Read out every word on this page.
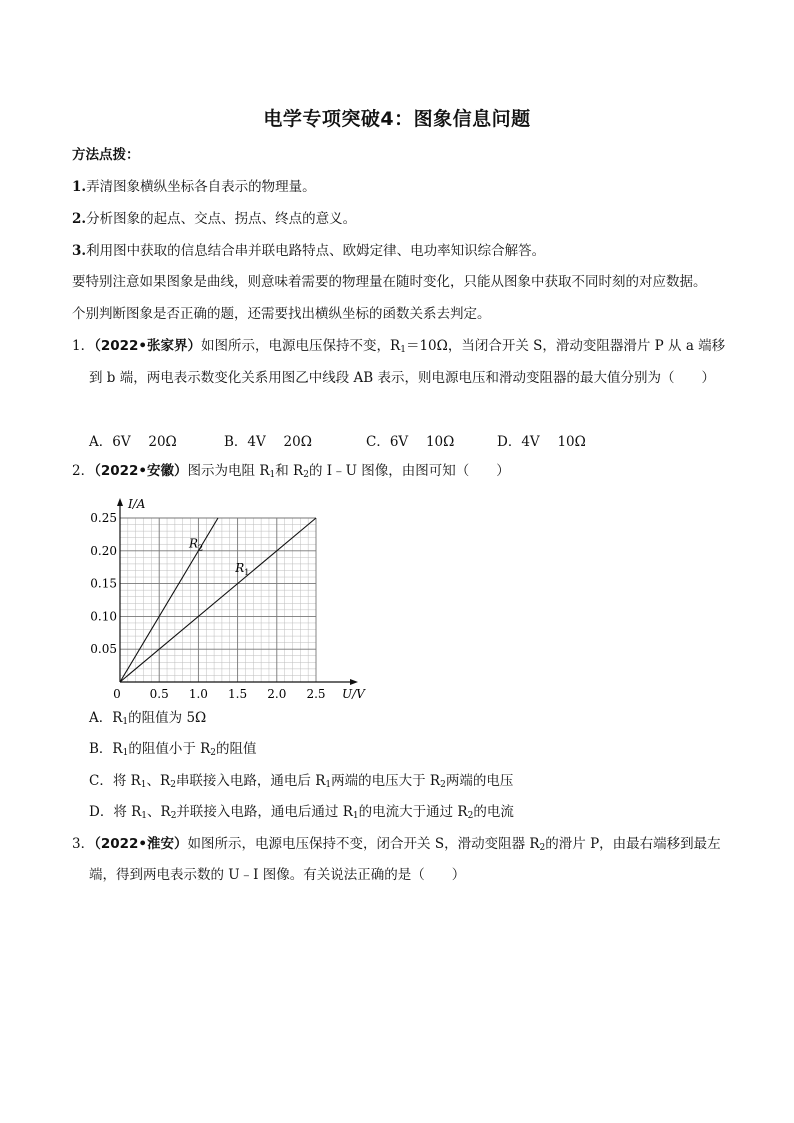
电学专项突破4：图象信息问题
方法点拨：
1.弄清图象横纵坐标各自表示的物理量。
2.分析图象的起点、交点、拐点、终点的意义。
3.利用图中获取的信息结合串并联电路特点、欧姆定律、电功率知识综合解答。
要特别注意如果图象是曲线，则意味着需要的物理量在随时变化，只能从图象中获取不同时刻的对应数据。
个别判断图象是否正确的题，还需要找出横纵坐标的函数关系去判定。
1．（2022•张家界）如图所示，电源电压保持不变，$R_1=10\Omega$，当闭合开关 S，滑动变阻器滑片 P 从 a 端移
到 b 端，两电表示数变化关系用图乙中线段 AB 表示，则电源电压和滑动变阻器的最大值分别为（　　）
A．6V　 20Ω	B．4V　 20Ω	C．6V　 10Ω	D．4V　 10Ω
2．（2022•安徽）图示为电阻 $R_1$和 $R_2$的 I﹣U 图像，由图可知（　　）
0 0.5 1.0 1.5 2.0 2.5
0.05
0.10
0.15
0.20
0.25
I/A
U/V
$R_2$
$R_1$
A．$R_1$的阻值为 5Ω
B．$R_1$的阻值小于 $R_2$的阻值
C．将 $R_1$、$R_2$串联接入电路，通电后 $R_1$两端的电压大于 $R_2$两端的电压
D．将 $R_1$、$R_2$并联接入电路，通电后通过 $R_1$的电流大于通过 $R_2$的电流
3．（2022•淮安）如图所示，电源电压保持不变，闭合开关 S，滑动变阻器 $R_2$的滑片 P，由最右端移到最左
端，得到两电表示数的 U﹣I 图像。有关说法正确的是（　　）
